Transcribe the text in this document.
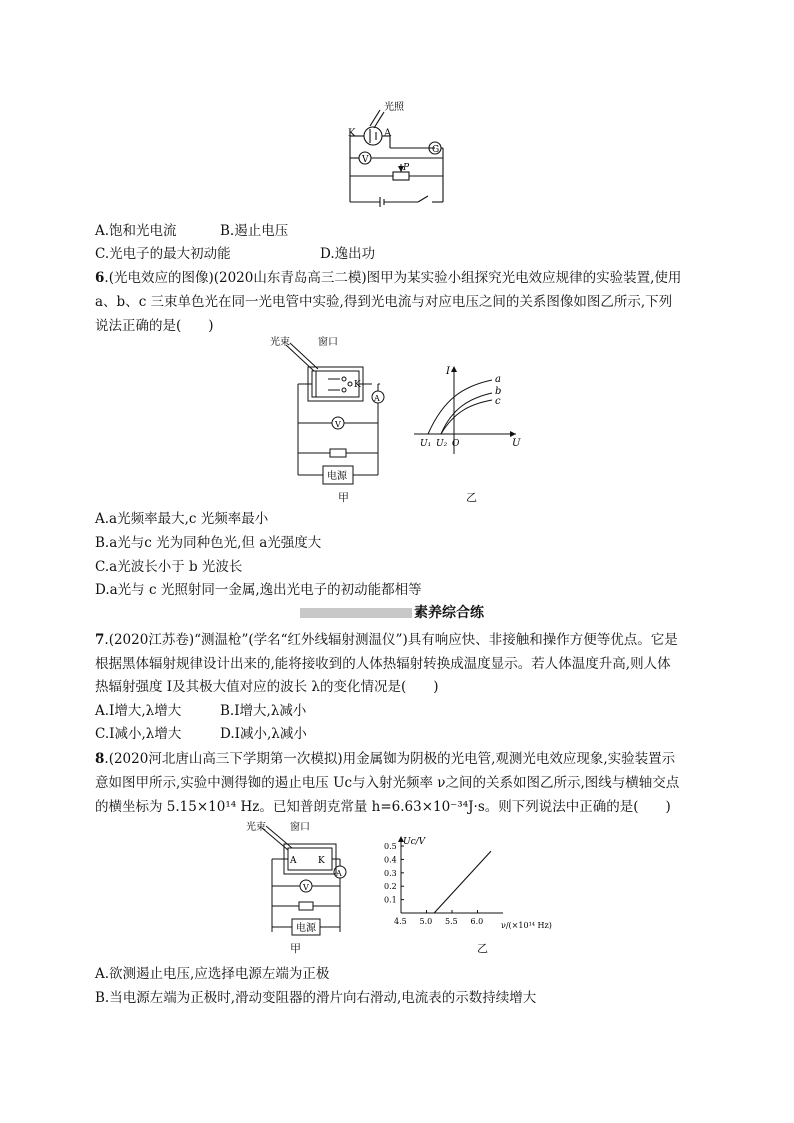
光照
K	A
G
V
P
A.饱和光电流	B.遏止电压
C.光电子的最大初动能	D.逸出功
6.(光电效应的图像)(2020山东青岛高三二模)图甲为某实验小组探究光电效应规律的实验装置,使用
a、b、c 三束单色光在同一光电管中实验,得到光电流与对应电压之间的关系图像如图乙所示,下列
说法正确的是(　　)
光束	窗口
K
A
V
电源
甲
I
U
a
b
c
U₁ U₂ O
乙
A.a光频率最大,c 光频率最小
B.a光与c 光为同种色光,但 a光强度大
C.a光波长小于 b 光波长
D.a光与 c 光照射同一金属,逸出光电子的初动能都相等
素养综合练
7.(2020江苏卷)“测温枪”(学名“红外线辐射测温仪”)具有响应快、非接触和操作方便等优点。它是
根据黑体辐射规律设计出来的,能将接收到的人体热辐射转换成温度显示。若人体温度升高,则人体
热辐射强度 I及其极大值对应的波长 λ的变化情况是(　　)
A.I增大,λ增大	B.I增大,λ减小
C.I减小,λ增大	D.I减小,λ减小
8.(2020河北唐山高三下学期第一次模拟)用金属铷为阴极的光电管,观测光电效应现象,实验装置示
意如图甲所示,实验中测得铷的遏止电压 Uc与入射光频率 ν之间的关系如图乙所示,图线与横轴交点
的横坐标为 5.15×10¹⁴ Hz。已知普朗克常量 h=6.63×10⁻³⁴J·s。则下列说法中正确的是(　　)
光束 窗口
A K
A
V
电源
甲
Uc/V
ν/(×10¹⁴ Hz)
0.1
0.2
0.3
0.4
0.5
4.5 5.0 5.5 6.0
乙
A.欲测遏止电压,应选择电源左端为正极
B.当电源左端为正极时,滑动变阻器的滑片向右滑动,电流表的示数持续增大
